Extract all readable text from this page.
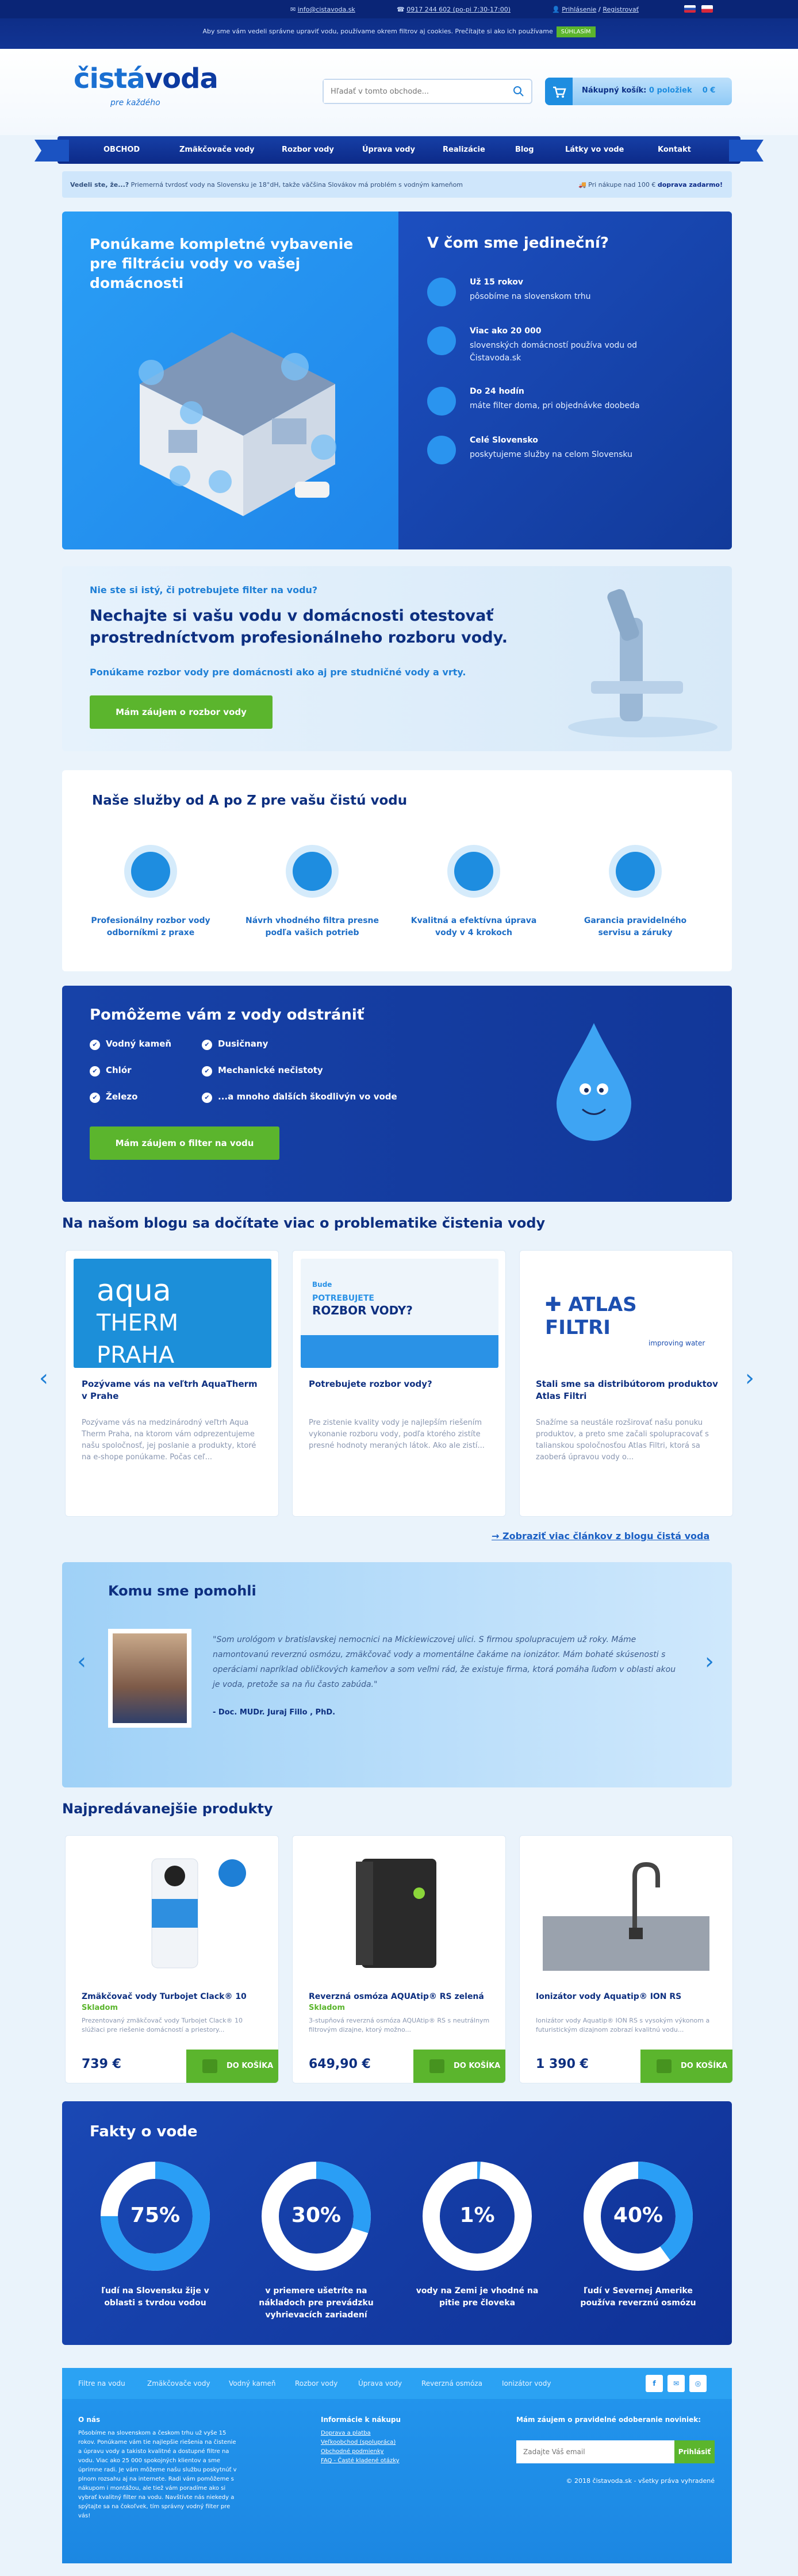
✉ info@cistavoda.sk	☎ 0917 244 602 (po-pi 7:30-17:00)	👤 Prihlásenie / Registrovať
Aby sme vám vedeli správne upraviť vodu, používame okrem filtrov aj cookies. Prečítajte si ako ich používame SÚHLASÍM
čistávoda
pre každého
Hľadať v tomto obchode...
Nákupný košík: 0 položiek 0 €
OBCHOD	Zmäkčovače vody	Rozbor vody	Úprava vody	Realizácie	Blog	Látky vo vode	Kontakt
Vedeli ste, že...? Priemerná tvrdosť vody na Slovensku je 18°dH, takže väčšina Slovákov má problém s vodným kameňom	🚚 Pri nákupe nad 100 € doprava zadarmo!
Ponúkame kompletné vybavenie pre filtráciu vody vo vašej domácnosti
V čom sme jedineční?
Už 15 rokov
pôsobíme na slovenskom trhu
Viac ako 20 000
slovenských domácností používa vodu od Čistavoda.sk
Do 24 hodín
máte filter doma, pri objednávke doobeda
Celé Slovensko
poskytujeme služby na celom Slovensku
Nie ste si istý, či potrebujete filter na vodu?
Nechajte si vašu vodu v domácnosti otestovať prostredníctvom profesionálneho rozboru vody.
Ponúkame rozbor vody pre domácnosti ako aj pre studničné vody a vrty.
Mám záujem o rozbor vody
Naše služby od A po Z pre vašu čistú vodu
Profesionálny rozbor vody odborníkmi z praxe
Návrh vhodného filtra presne podľa vašich potrieb
Kvalitná a efektívna úprava vody v 4 krokoch
Garancia pravidelného servisu a záruky
Pomôžeme vám z vody odstrániť
✔ Vodný kameň	✔ Dusičnany
✔ Chlór	✔ Mechanické nečistoty
✔ Železo	✔ ...a mnoho ďalších škodlivýn vo vode
Mám záujem o filter na vodu
Na našom blogu sa dočítate viac o problematike čistenia vody
‹	›
aqua
THERM PRAHA
Pozývame vás na veľtrh AquaTherm v Prahe
Pozývame vás na medzinárodný veľtrh Aqua Therm Praha, na ktorom vám odprezentujeme našu spoločnosť, jej poslanie a produkty, ktoré na e-shope ponúkame. Počas ceľ...
Bude
POTREBUJETE
ROZBOR VODY?
Potrebujete rozbor vody?
Pre zistenie kvality vody je najlepším riešením vykonanie rozboru vody, podľa ktorého zistíte presné hodnoty meraných látok. Ako ale zistí...
✚ ATLAS FILTRI
improving water
Stali sme sa distribútorom produktov Atlas Filtri
Snažíme sa neustále rozširovať našu ponuku produktov, a preto sme začali spolupracovať s talianskou spoločnosťou Atlas Filtri, ktorá sa zaoberá úpravou vody o...
→ Zobraziť viac článkov z blogu čistá voda
Komu sme pomohli
‹	›
"Som urológom v bratislavskej nemocnici na Mickiewiczovej ulici. S firmou spolupracujem už roky. Máme namontovanú reverznú osmózu, zmäkčovač vody a momentálne čakáme na ionizátor. Mám bohaté skúsenosti s operáciami napríklad obličkových kameňov a som veľmi rád, že existuje firma, ktorá pomáha ľuďom v oblasti akou je voda, pretože sa na ňu často zabúda."
- Doc. MUDr. Juraj Fillo , PhD.
Najpredávanejšie produkty
Zmäkčovač vody Turbojet Clack® 10
Skladom
Prezentovaný zmäkčovač vody Turbojet Clack® 10 slúžiaci pre riešenie domácností a priestory...
739 €	DO KOŠÍKA
Reverzná osmóza AQUAtip® RS zelená
Skladom
3-stupňová reverzná osmóza AQUAtip® RS s neutrálnym filtrovým dizajne, ktorý možno...
649,90 €	DO KOŠÍKA
Ionizátor vody Aquatip® ION RS
Ionizátor vody Aquatip® ION RS s vysokým výkonom a futuristickým dizajnom zobrazí kvalitnú vodu...
1 390 €	DO KOŠÍKA
Fakty o vode
75%
ľudí na Slovensku žije v oblasti s tvrdou vodou
30%
v priemere ušetríte na nákladoch pre prevádzku vyhrievacích zariadení
1%
vody na Zemi je vhodné na pitie pre človeka
40%
ľudí v Severnej Amerike používa reverznú osmózu
Filtre na vodu	Zmäkčovače vody	Vodný kameň	Rozbor vody	Úprava vody	Reverzná osmóza	Ionizátor vody	f	✉	◎
O nás
Pôsobíme na slovenskom a českom trhu už vyše 15 rokov. Ponúkame vám tie najlepšie riešenia na čistenie a úpravu vody a takisto kvalitné a dostupné filtre na vodu. Viac ako 25 000 spokojných klientov a sme úprimne radi. Je vám môžeme našu službu poskytnúť v plnom rozsahu aj na internete. Radi vám pomôžeme s nákupom i montážou, ale tiež vám poradíme ako si vybrať kvalitný filter na vodu. Navštívte nás niekedy a spýtajte sa na čokoľvek, tím správny vodný filter pre vás!
Informácie k nákupu
Doprava a platba
Veľkoobchod (spolupráca)
Obchodné podmienky
FAQ - Časté kladené otázky
Mám záujem o pravidelné odoberanie noviniek:
Zadajte Váš email
Prihlásiť
© 2018 čistavoda.sk - všetky práva vyhradené
